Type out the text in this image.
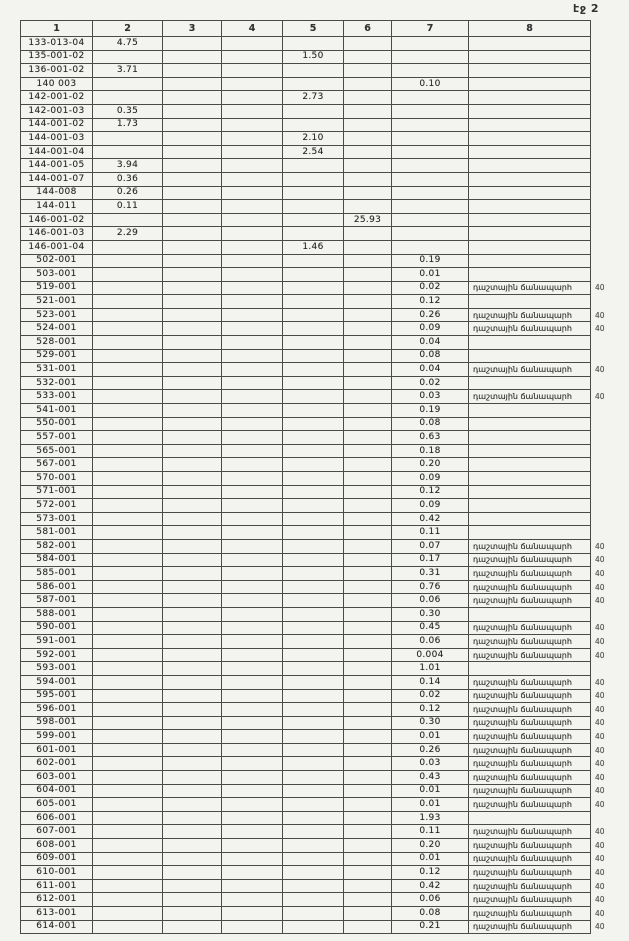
էջ 2
1	2	3	4	5	6	7	8	
133-013-04	4.75							
135-001-02				1.50				
136-001-02	3.71							
140 003						0.10		
142-001-02				2.73				
142-001-03	0.35							
144-001-02	1.73							
144-001-03				2.10				
144-001-04				2.54				
144-001-05	3.94							
144-001-07	0.36							
144-008	0.26							
144-011	0.11							
146-001-02					25.93			
146-001-03	2.29							
146-001-04				1.46				
502-001						0.19		
503-001						0.01		
519-001						0.02	դաշտային ճանապարհ	40
521-001						0.12		
523-001						0.26	դաշտային ճանապարհ	40
524-001						0.09	դաշտային ճանապարհ	40
528-001						0.04		
529-001						0.08		
531-001						0.04	դաշտային ճանապարհ	40
532-001						0.02		
533-001						0.03	դաշտային ճանապարհ	40
541-001						0.19		
550-001						0.08		
557-001						0.63		
565-001						0.18		
567-001						0.20		
570-001						0.09		
571-001						0.12		
572-001						0.09		
573-001						0.42		
581-001						0.11		
582-001						0.07	դաշտային ճանապարհ	40
584-001						0.17	դաշտային ճանապարհ	40
585-001						0.31	դաշտային ճանապարհ	40
586-001						0.76	դաշտային ճանապարհ	40
587-001						0.06	դաշտային ճանապարհ	40
588-001						0.30		
590-001						0.45	դաշտային ճանապարհ	40
591-001						0.06	դաշտային ճանապարհ	40
592-001						0.004	դաշտային ճանապարհ	40
593-001						1.01		
594-001						0.14	դաշտային ճանապարհ	40
595-001						0.02	դաշտային ճանապարհ	40
596-001						0.12	դաշտային ճանապարհ	40
598-001						0.30	դաշտային ճանապարհ	40
599-001						0.01	դաշտային ճանապարհ	40
601-001						0.26	դաշտային ճանապարհ	40
602-001						0.03	դաշտային ճանապարհ	40
603-001						0.43	դաշտային ճանապարհ	40
604-001						0.01	դաշտային ճանապարհ	40
605-001						0.01	դաշտային ճանապարհ	40
606-001						1.93		
607-001						0.11	դաշտային ճանապարհ	40
608-001						0.20	դաշտային ճանապարհ	40
609-001						0.01	դաշտային ճանապարհ	40
610-001						0.12	դաշտային ճանապարհ	40
611-001						0.42	դաշտային ճանապարհ	40
612-001						0.06	դաշտային ճանապարհ	40
613-001						0.08	դաշտային ճանապարհ	40
614-001						0.21	դաշտային ճանապարհ	40
